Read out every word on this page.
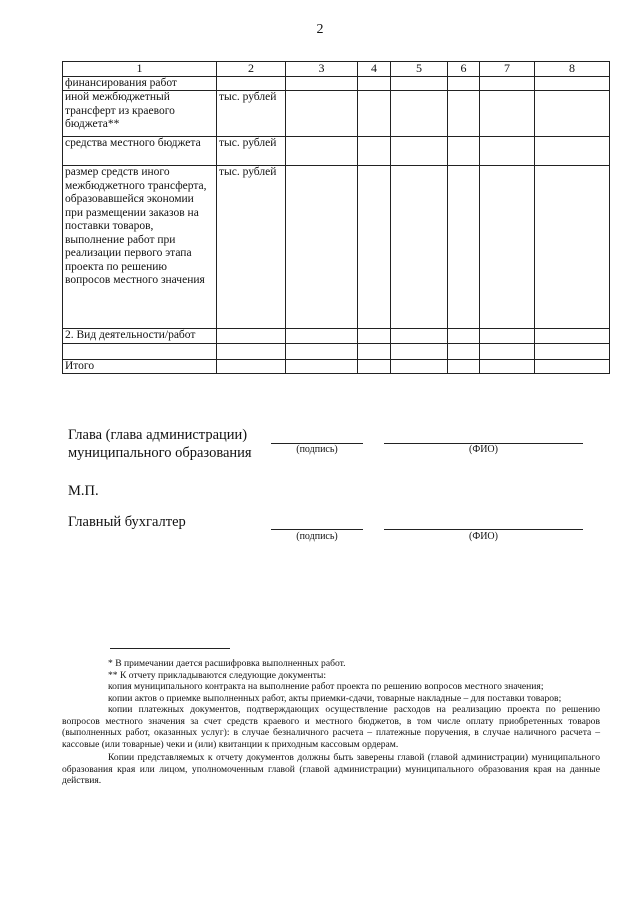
2
1	2	3	4	5	6	7	8
финансирования работ							
иной межбюджетный трансферт из краевого бюджета**	тыс. рублей						
средства местного бюджета	тыс. рублей						
размер средств иного межбюджетного трансферта, образовавшейся экономии при размещении заказов на поставки товаров, выполнение работ при реализации первого этапа проекта по решению вопросов местного значения	тыс. рублей						
2. Вид деятельности/работ							

Итого							
Глава (глава администрации)
муниципального образования	(подпись)	(ФИО)
М.П.
Главный бухгалтер
(подпись)	(ФИО)

* В примечании дается расшифровка выполненных работ.

** К отчету прикладываются следующие документы:

копия муниципального контракта на выполнение работ проекта по решению вопросов местного значения;

копии актов о приемке выполненных работ, акты приемки-сдачи, товарные накладные – для поставки товаров;

копии платежных документов, подтверждающих осуществление расходов на реализацию проекта по решению вопросов местного значения за счет средств краевого и местного бюджетов, в том числе оплату приобретенных товаров (выполненных работ, оказанных услуг): в случае безналичного расчета – платежные поручения, в случае наличного расчета – кассовые (или товарные) чеки и (или) квитанции к приходным кассовым ордерам.

Копии представляемых к отчету документов должны быть заверены главой (главой администрации) муниципального образования края или лицом, уполномоченным главой (главой администрации) муниципального образования края на данные действия.
